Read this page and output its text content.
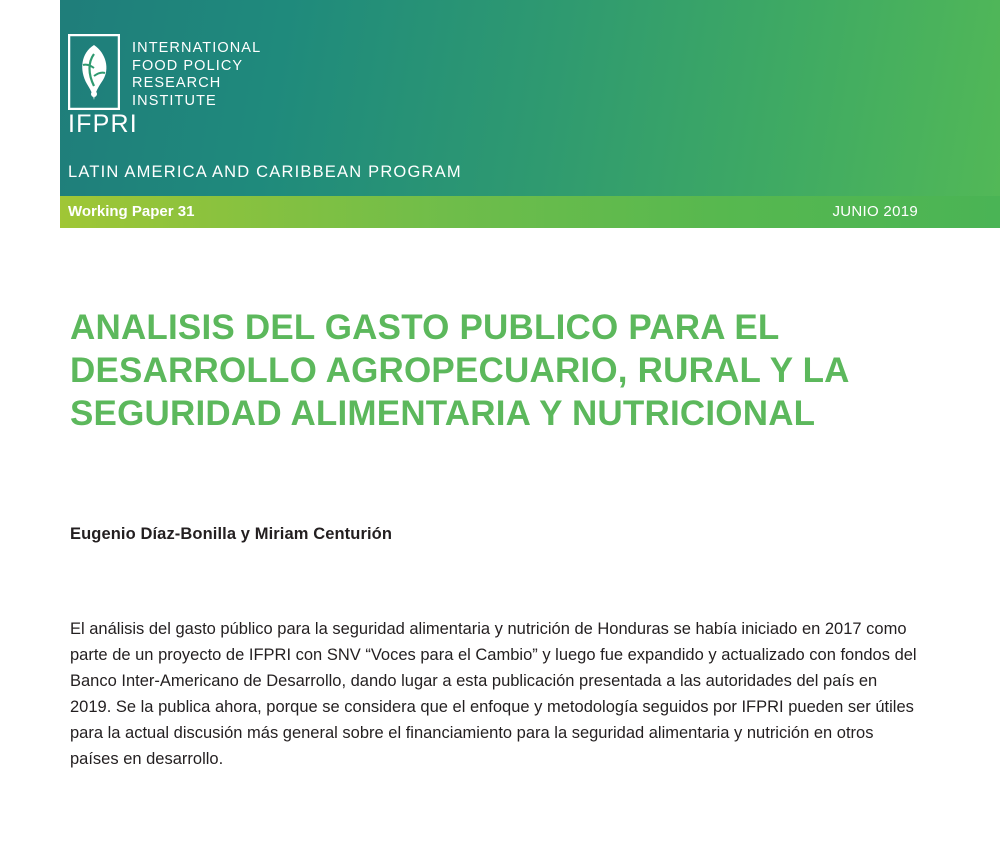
INTERNATIONAL
FOOD POLICY
RESEARCH
INSTITUTE
IFPRI
LATIN AMERICA AND CARIBBEAN PROGRAM
Working Paper 31	JUNIO 2019
ANALISIS DEL GASTO PUBLICO PARA EL DESARROLLO AGROPECUARIO, RURAL Y LA SEGURIDAD ALIMENTARIA Y NUTRICIONAL
Eugenio Díaz-Bonilla y Miriam Centurión

El análisis del gasto público para la seguridad alimentaria y nutrición de Honduras se había iniciado en 2017 como parte de un proyecto de IFPRI con SNV “Voces para el Cambio” y luego fue expandido y actualizado con fondos del Banco Inter-Americano de Desarrollo, dando lugar a esta publicación presentada a las autoridades del país en 2019. Se la publica ahora, porque se considera que el enfoque y metodología seguidos por IFPRI pueden ser útiles para la actual discusión más general sobre el financiamiento para la seguridad alimentaria y nutrición en otros países en desarrollo.
